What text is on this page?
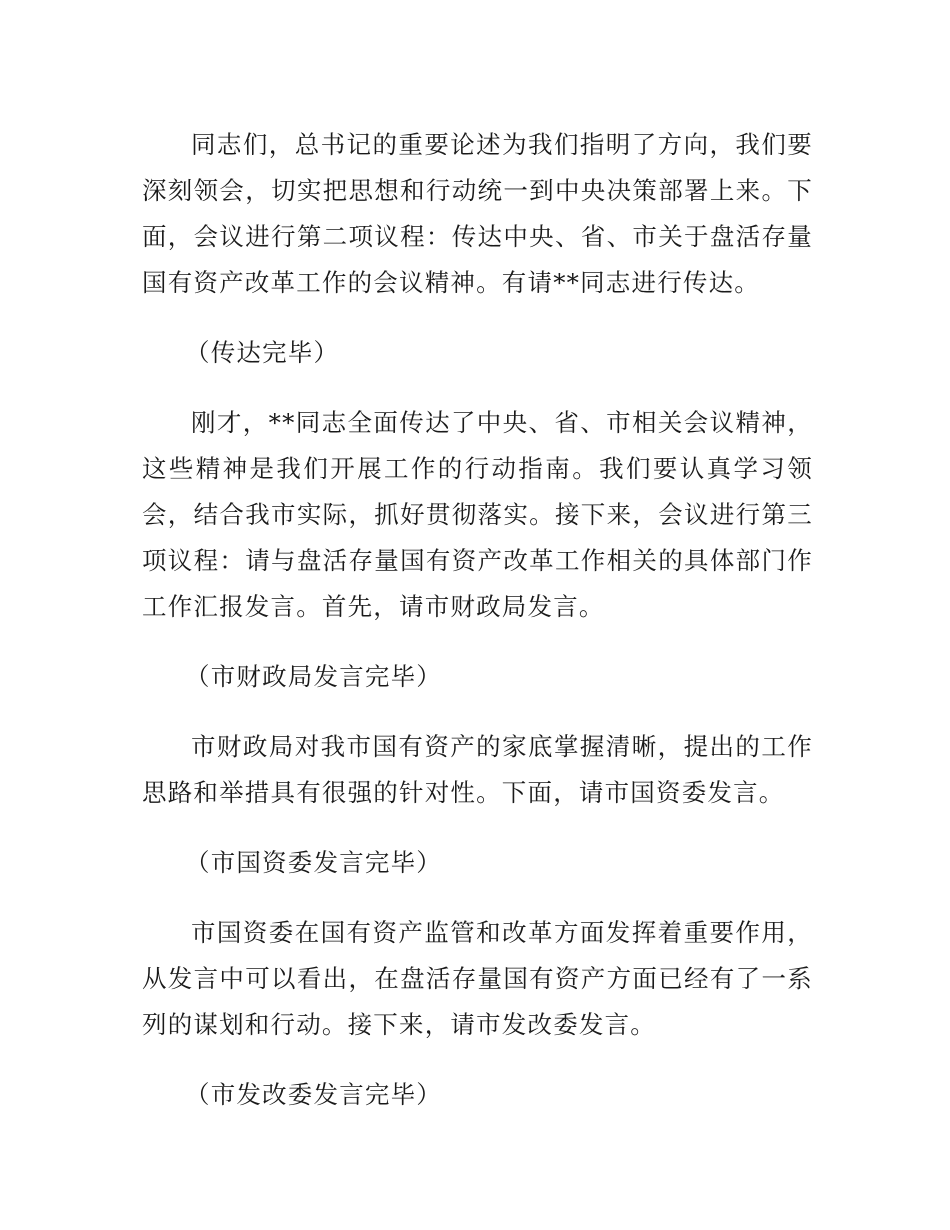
同志们，总书记的重要论述为我们指明了方向，我们要深刻领会，切实把思想和行动统一到中央决策部署上来。下面，会议进行第二项议程：传达中央、省、市关于盘活存量国有资产改革工作的会议精神。有请**同志进行传达。

（传达完毕）

刚才，**同志全面传达了中央、省、市相关会议精神，这些精神是我们开展工作的行动指南。我们要认真学习领会，结合我市实际，抓好贯彻落实。接下来，会议进行第三项议程：请与盘活存量国有资产改革工作相关的具体部门作工作汇报发言。首先，请市财政局发言。

（市财政局发言完毕）

市财政局对我市国有资产的家底掌握清晰，提出的工作思路和举措具有很强的针对性。下面，请市国资委发言。

（市国资委发言完毕）

市国资委在国有资产监管和改革方面发挥着重要作用，从发言中可以看出，在盘活存量国有资产方面已经有了一系列的谋划和行动。接下来，请市发改委发言。

（市发改委发言完毕）
